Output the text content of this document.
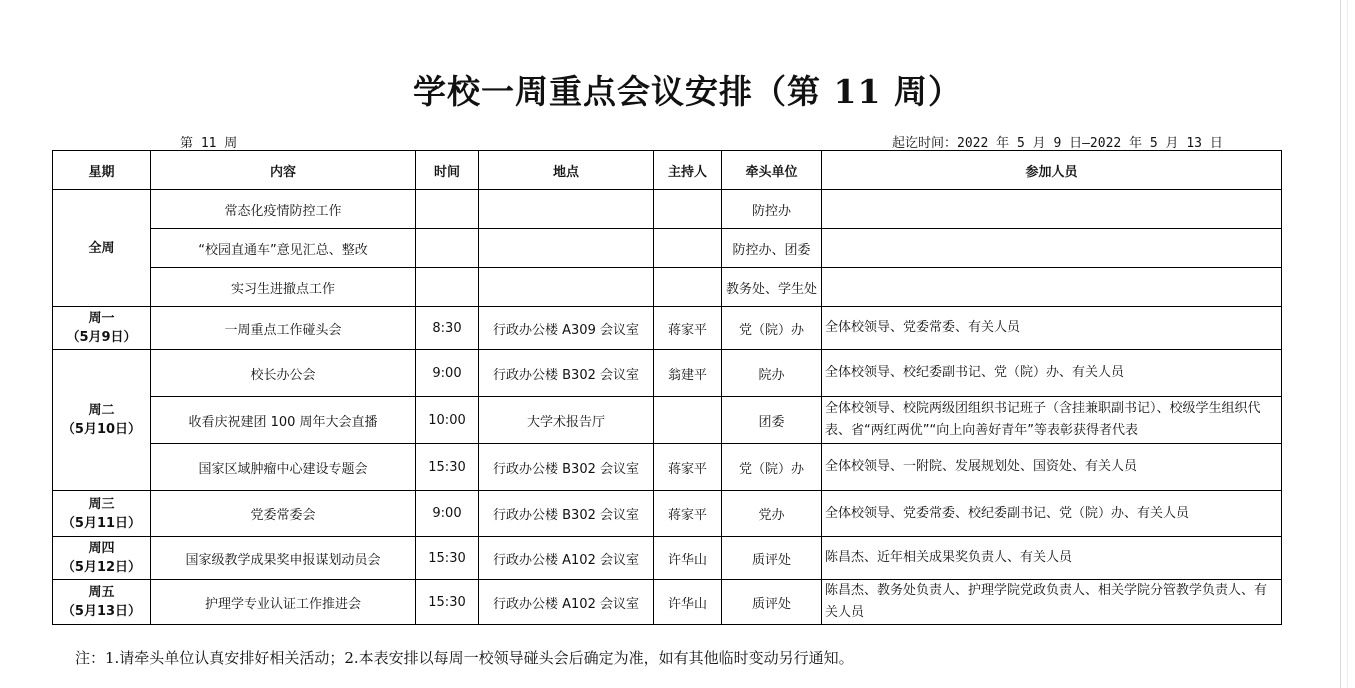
学校一周重点会议安排（第 11 周）
第 11 周	起讫时间：2022 年 5 月 9 日—2022 年 5 月 13 日
星期	内容	时间	地点	主持人	牵头单位	参加人员
全周	常态化疫情防控工作				防控办	
	“校园直通车”意见汇总、整改				防控办、团委	
	实习生进撤点工作				教务处、学生处	

周一
（5月9日）	一周重点工作碰头会	8:30	行政办公楼 A309 会议室	蒋家平	党（院）办	全体校领导、党委常委、有关人员

周二
（5月10日）	校长办公会	9:00	行政办公楼 B302 会议室	翁建平	院办	全体校领导、校纪委副书记、党（院）办、有关人员
	收看庆祝建团 100 周年大会直播	10:00	大学术报告厅		团委	全体校领导、校院两级团组织书记班子（含挂兼职副书记）、校级学生组织代表、省“两红两优”“向上向善好青年”等表彰获得者代表
	国家区域肿瘤中心建设专题会	15:30	行政办公楼 B302 会议室	蒋家平	党（院）办	全体校领导、一附院、发展规划处、国资处、有关人员

周三
（5月11日）	党委常委会	9:00	行政办公楼 B302 会议室	蒋家平	党办	全体校领导、党委常委、校纪委副书记、党（院）办、有关人员

周四
（5月12日）	国家级教学成果奖申报谋划动员会	15:30	行政办公楼 A102 会议室	许华山	质评处	陈昌杰、近年相关成果奖负责人、有关人员

周五
（5月13日）	护理学专业认证工作推进会	15:30	行政办公楼 A102 会议室	许华山	质评处	陈昌杰、教务处负责人、护理学院党政负责人、相关学院分管教学负责人、有关人员
注：1.请牵头单位认真安排好相关活动；2.本表安排以每周一校领导碰头会后确定为准，如有其他临时变动另行通知。
